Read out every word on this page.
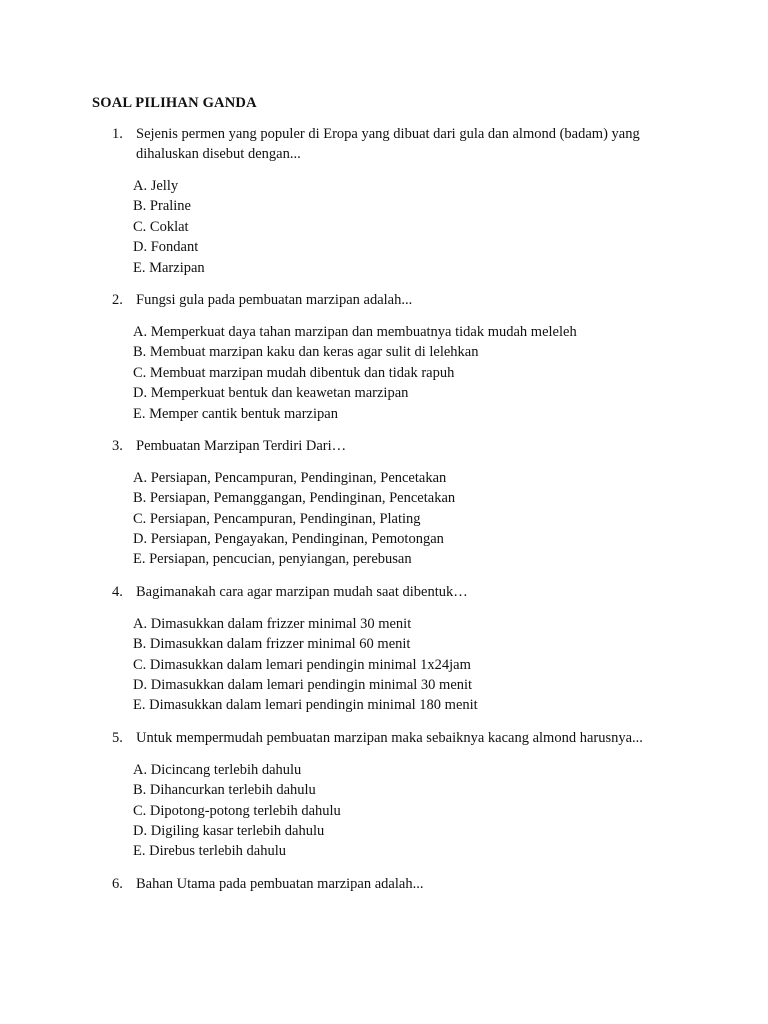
SOAL PILIHAN GANDA
1. Sejenis permen yang populer di Eropa yang dibuat dari gula dan almond (badam) yang dihaluskan disebut dengan...
A. Jelly
B. Praline
C. Coklat
D. Fondant
E. Marzipan
2. Fungsi gula pada pembuatan marzipan adalah...
A. Memperkuat daya tahan marzipan dan membuatnya tidak mudah meleleh
B. Membuat marzipan kaku dan keras agar sulit di lelehkan
C. Membuat marzipan mudah dibentuk dan tidak rapuh
D. Memperkuat bentuk dan keawetan marzipan
E. Memper cantik bentuk marzipan
3. Pembuatan Marzipan Terdiri Dari…
A. Persiapan, Pencampuran, Pendinginan, Pencetakan
B. Persiapan, Pemanggangan, Pendinginan, Pencetakan
C. Persiapan, Pencampuran, Pendinginan, Plating
D. Persiapan, Pengayakan, Pendinginan, Pemotongan
E. Persiapan, pencucian, penyiangan, perebusan
4. Bagimanakah cara agar marzipan mudah saat dibentuk…
A. Dimasukkan dalam frizzer minimal 30 menit
B. Dimasukkan dalam frizzer minimal 60 menit
C. Dimasukkan dalam lemari pendingin minimal 1x24jam
D. Dimasukkan dalam lemari pendingin minimal 30 menit
E. Dimasukkan dalam lemari pendingin minimal 180 menit
5. Untuk mempermudah pembuatan marzipan maka sebaiknya kacang almond harusnya...
A. Dicincang terlebih dahulu
B. Dihancurkan terlebih dahulu
C. Dipotong-potong terlebih dahulu
D. Digiling kasar terlebih dahulu
E. Direbus terlebih dahulu
6. Bahan Utama pada pembuatan marzipan adalah...
